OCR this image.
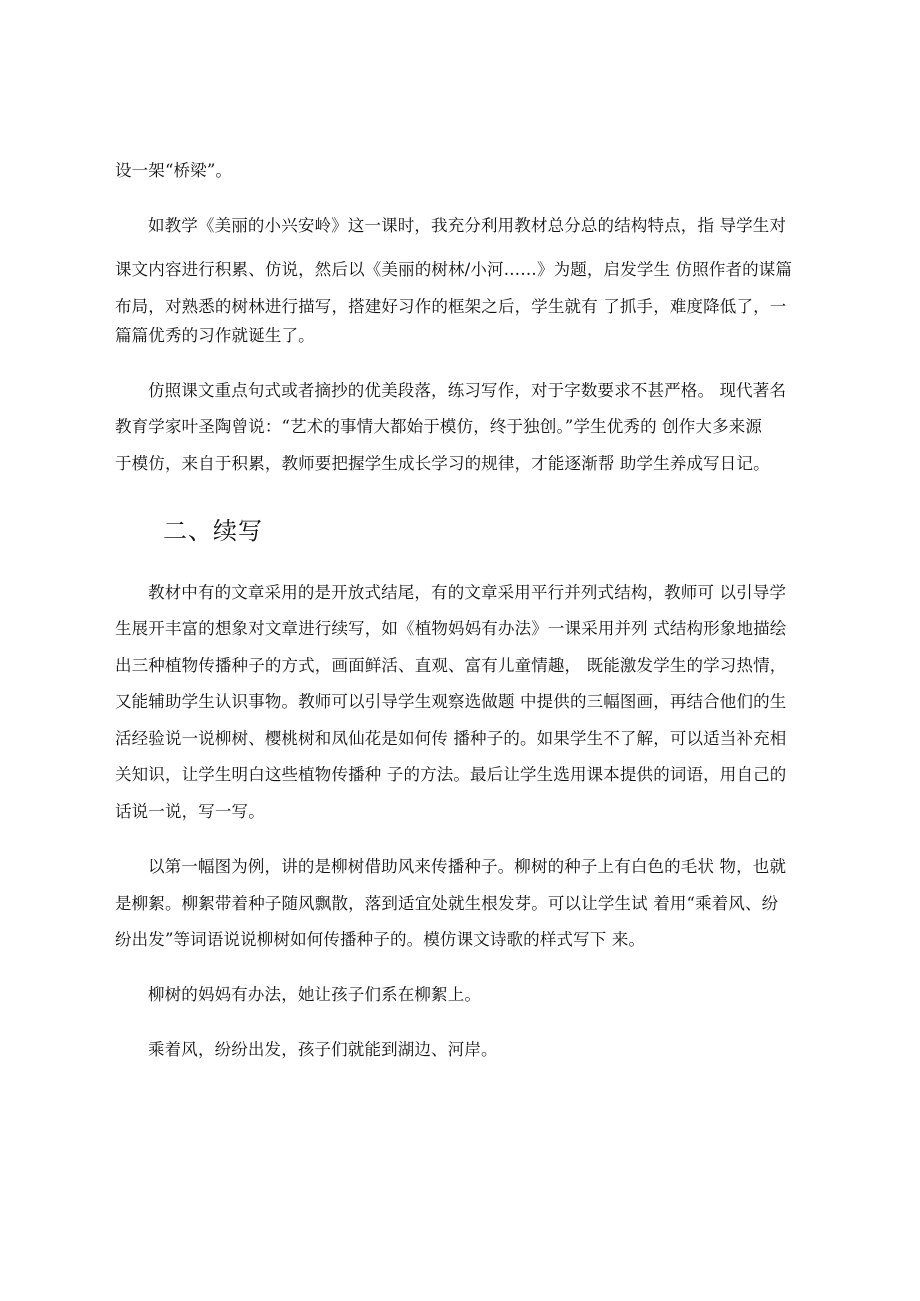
设一架“桥梁”。
如教学《美丽的小兴安岭》这一课时，我充分利用教材总分总的结构特点，指 导学生对
课文内容进行积累、仿说，然后以《美丽的树林/小河……》为题，启发学生 仿照作者的谋篇
布局，对熟悉的树林进行描写，搭建好习作的框架之后，学生就有 了抓手，难度降低了，一
篇篇优秀的习作就诞生了。
仿照课文重点句式或者摘抄的优美段落，练习写作，对于字数要求不甚严格。 现代著名
教育学家叶圣陶曾说：“艺术的事情大都始于模仿，终于独创。”学生优秀的 创作大多来源
于模仿，来自于积累，教师要把握学生成长学习的规律，才能逐渐帮 助学生养成写日记。
二、续写
教材中有的文章采用的是开放式结尾，有的文章采用平行并列式结构，教师可 以引导学
生展开丰富的想象对文章进行续写，如《植物妈妈有办法》一课采用并列 式结构形象地描绘
出三种植物传播种子的方式，画面鲜活、直观、富有儿童情趣， 既能激发学生的学习热情，
又能辅助学生认识事物。教师可以引导学生观察选做题 中提供的三幅图画，再结合他们的生
活经验说一说柳树、樱桃树和凤仙花是如何传 播种子的。如果学生不了解，可以适当补充相
关知识，让学生明白这些植物传播种 子的方法。最后让学生选用课本提供的词语，用自己的
话说一说，写一写。
以第一幅图为例，讲的是柳树借助风来传播种子。柳树的种子上有白色的毛状 物，也就
是柳絮。柳絮带着种子随风飘散，落到适宜处就生根发芽。可以让学生试 着用“乘着风、纷
纷出发”等词语说说柳树如何传播种子的。模仿课文诗歌的样式写下 来。
柳树的妈妈有办法，她让孩子们系在柳絮上。
乘着风，纷纷出发，孩子们就能到湖边、河岸。
